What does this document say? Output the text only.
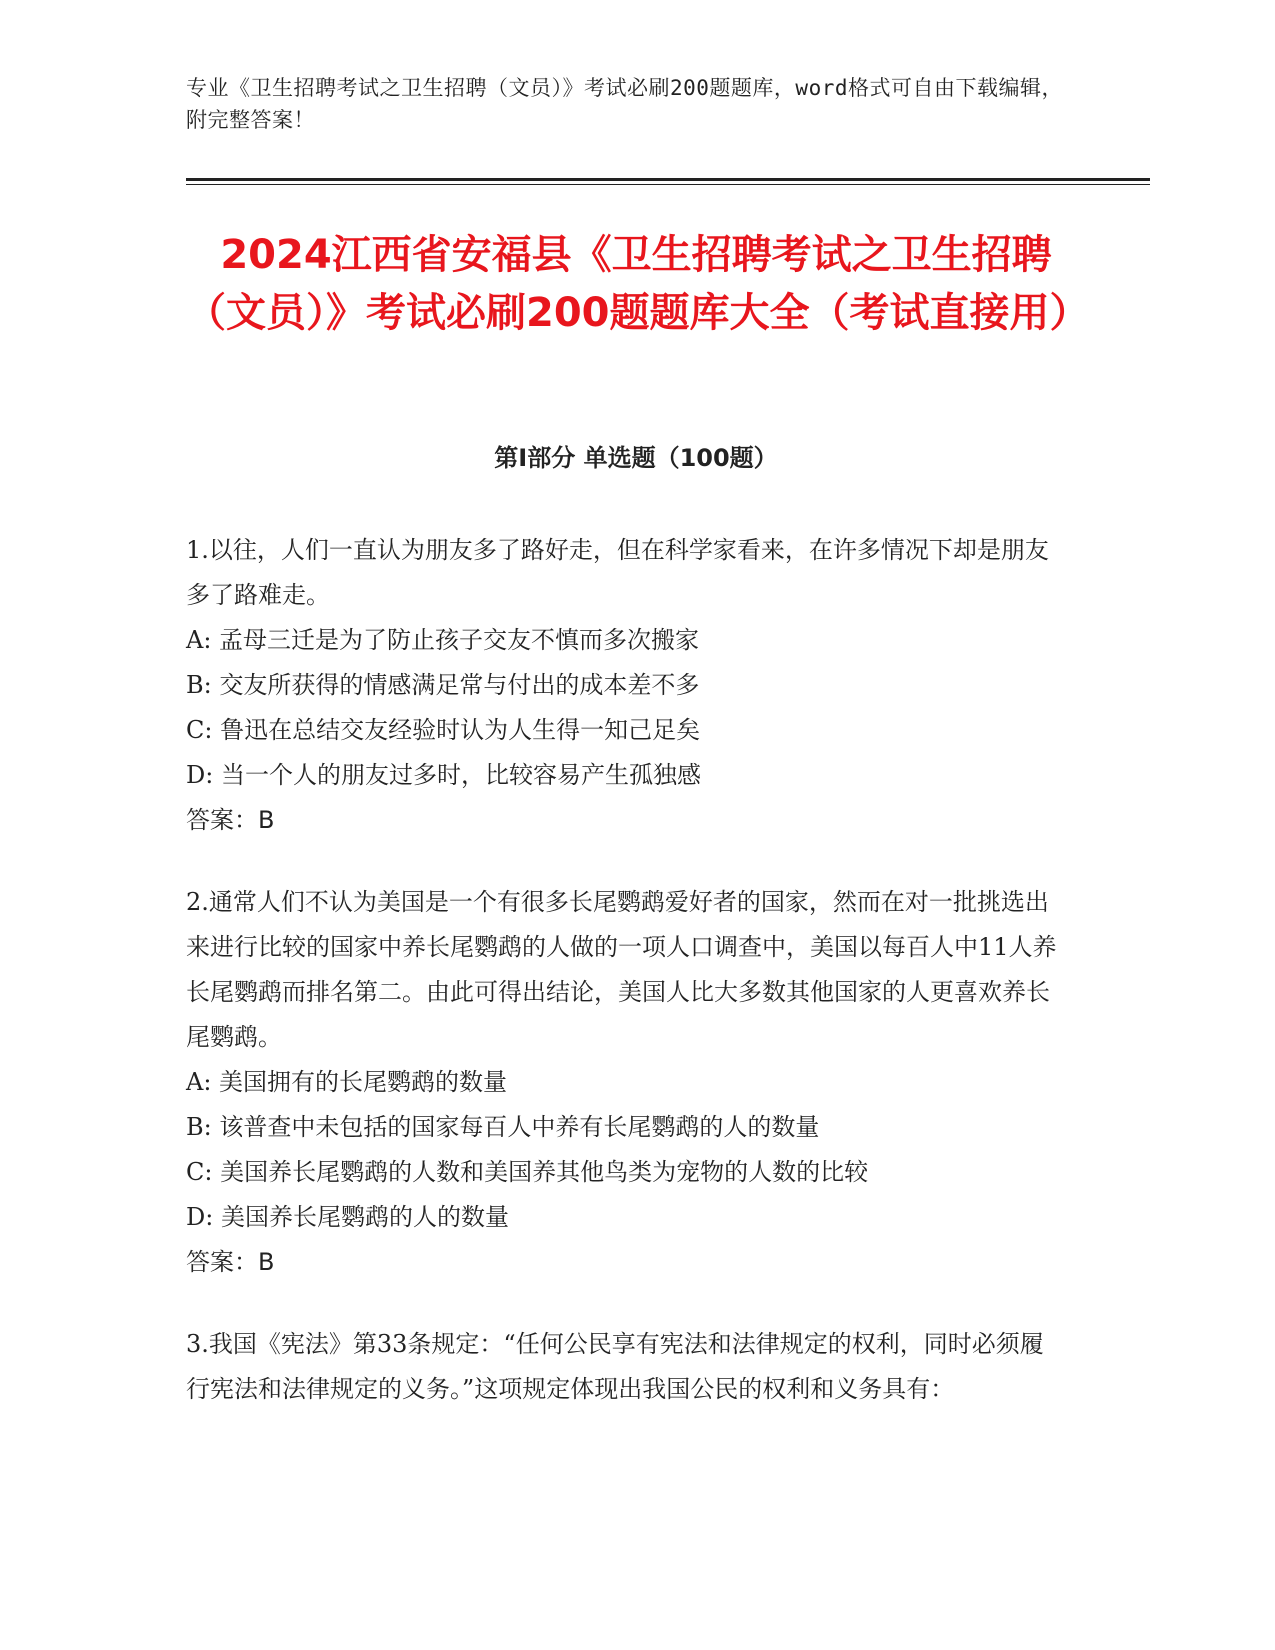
专业《卫生招聘考试之卫生招聘（文员）》考试必刷200题题库，word格式可自由下载编辑，附完整答案！
2024江西省安福县《卫生招聘考试之卫生招聘（文员）》考试必刷200题题库大全（考试直接用）
第Ⅰ部分 单选题（100题）

1.以往，人们一直认为朋友多了路好走，但在科学家看来，在许多情况下却是朋友多了路难走。

A: 孟母三迁是为了防止孩子交友不慎而多次搬家

B: 交友所获得的情感满足常与付出的成本差不多

C: 鲁迅在总结交友经验时认为人生得一知己足矣

D: 当一个人的朋友过多时，比较容易产生孤独感

答案：B

2.通常人们不认为美国是一个有很多长尾鹦鹉爱好者的国家，然而在对一批挑选出来进行比较的国家中养长尾鹦鹉的人做的一项人口调查中，美国以每百人中11人养长尾鹦鹉而排名第二。由此可得出结论，美国人比大多数其他国家的人更喜欢养长尾鹦鹉。

A: 美国拥有的长尾鹦鹉的数量

B: 该普查中未包括的国家每百人中养有长尾鹦鹉的人的数量

C: 美国养长尾鹦鹉的人数和美国养其他鸟类为宠物的人数的比较

D: 美国养长尾鹦鹉的人的数量

答案：B

3.我国《宪法》第33条规定：“任何公民享有宪法和法律规定的权利，同时必须履行宪法和法律规定的义务。”这项规定体现出我国公民的权利和义务具有：
